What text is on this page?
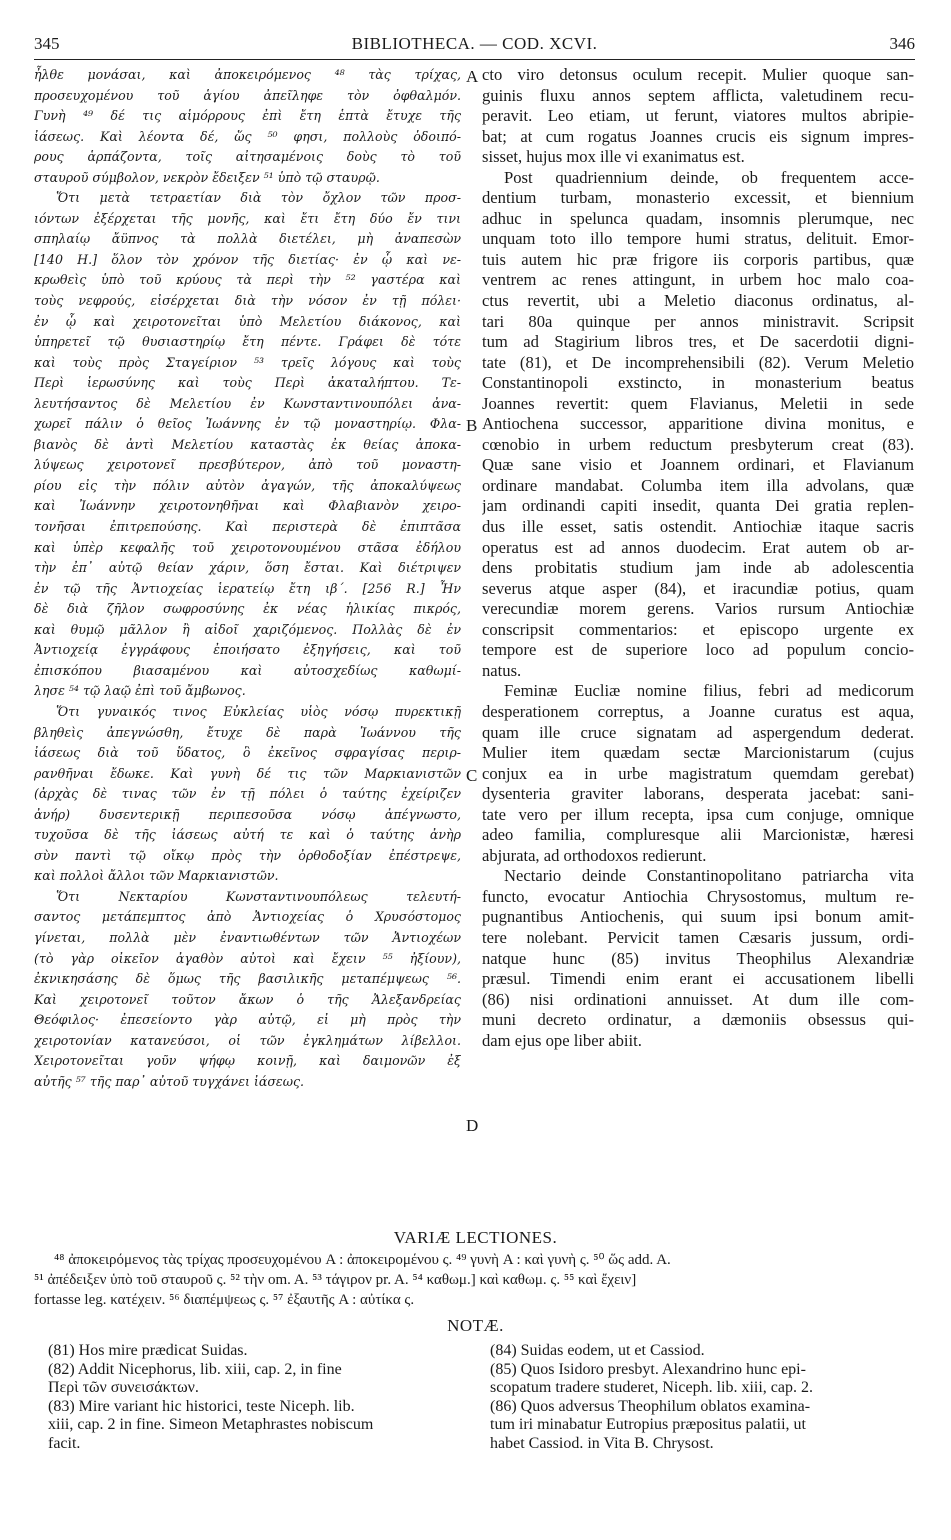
345	BIBLIOTHECA. — COD. XCVI.	346
ἦλθε μονάσαι, καὶ ἀποκειρόμενος ⁴⁸ τὰς τρίχας,
προσευχομένου τοῦ ἁγίου ἀπεῖληφε τὸν ὀφθαλμόν.
Γυνὴ ⁴⁹ δέ τις αἱμόρρους ἐπὶ ἔτη ἑπτὰ ἔτυχε τῆς
ἰάσεως. Καὶ λέοντα δέ, ὥς ⁵⁰ φησι, πολλοὺς ὁδοιπό-
ρους ἁρπάζοντα, τοῖς αἰτησαμένοις δοὺς τὸ τοῦ
σταυροῦ σύμβολον, νεκρὸν ἔδειξεν ⁵¹ ὑπὸ τῷ σταυρῷ.
Ὅτι μετὰ τετραετίαν διὰ τὸν ὄχλον τῶν προσ-
ιόντων ἐξέρχεται τῆς μονῆς, καὶ ἔτι ἔτη δύο ἔν τινι
σπηλαίῳ ἄϋπνος τὰ πολλὰ διετέλει, μὴ ἀναπεσὼν
[140 Η.] ὅλον τὸν χρόνον τῆς διετίας· ἐν ᾧ καὶ νε-
κρωθεὶς ὑπὸ τοῦ κρύους τὰ περὶ τὴν ⁵² γαστέρα καὶ
τοὺς νεφρούς, εἰσέρχεται διὰ τὴν νόσον ἐν τῇ πόλει·
ἐν ᾧ καὶ χειροτονεῖται ὑπὸ Μελετίου διάκονος, καὶ
ὑπηρετεῖ τῷ θυσιαστηρίῳ ἔτη πέντε. Γράφει δὲ τότε
καὶ τοὺς πρὸς Σταγείριον ⁵³ τρεῖς λόγους καὶ τοὺς
Περὶ ἱερωσύνης καὶ τοὺς Περὶ ἀκαταλήπτου. Τε-
λευτήσαντος δὲ Μελετίου ἐν Κωνσταντινουπόλει ἀνα-
χωρεῖ πάλιν ὁ θεῖος Ἰωάννης ἐν τῷ μοναστηρίῳ. Φλα-
βιανὸς δὲ ἀντὶ Μελετίου καταστὰς ἐκ θείας ἀποκα-
λύψεως χειροτονεῖ πρεσβύτερον, ἀπὸ τοῦ μοναστη-
ρίου εἰς τὴν πόλιν αὐτὸν ἀγαγών, τῆς ἀποκαλύψεως
καὶ Ἰωάννην χειροτονηθῆναι καὶ Φλαβιανὸν χειρο-
τονῆσαι ἐπιτρεπούσης. Καὶ περιστερὰ δὲ ἐπιπτᾶσα
καὶ ὑπὲρ κεφαλῆς τοῦ χειροτονουμένου στᾶσα ἐδήλου
τὴν ἐπ᾽ αὐτῷ θείαν χάριν, ὅση ἔσται. Καὶ διέτριψεν
ἐν τῷ τῆς Ἀντιοχείας ἱερατείῳ ἔτη ιβ´. [256 R.] Ἦν
δὲ διὰ ζῆλον σωφροσύνης ἐκ νέας ἡλικίας πικρός,
καὶ θυμῷ μᾶλλον ἢ αἰδοῖ χαριζόμενος. Πολλὰς δὲ ἐν
Ἀντιοχείᾳ ἐγγράφους ἐποιήσατο ἐξηγήσεις, καὶ τοῦ
ἐπισκόπου βιασαμένου καὶ αὐτοσχεδίως καθωμί-
λησε ⁵⁴ τῷ λαῷ ἐπὶ τοῦ ἄμβωνος.
Ὅτι γυναικός τινος Εὐκλείας υἱὸς νόσῳ πυρεκτικῇ
βληθεὶς ἀπεγνώσθη, ἔτυχε δὲ παρὰ Ἰωάννου τῆς
ἰάσεως διὰ τοῦ ὕδατος, ὃ ἐκεῖνος σφραγίσας περιρ-
ρανθῆναι ἔδωκε. Καὶ γυνὴ δέ τις τῶν Μαρκιανιστῶν
(ἀρχὰς δὲ τινας τῶν ἐν τῇ πόλει ὁ ταύτης ἐχείριζεν
ἀνήρ) δυσεντερικῇ περιπεσοῦσα νόσῳ ἀπέγνωστο,
τυχοῦσα δὲ τῆς ἰάσεως αὐτή τε καὶ ὁ ταύτης ἀνὴρ
σὺν παντὶ τῷ οἴκῳ πρὸς τὴν ὀρθοδοξίαν ἐπέστρεψε,
καὶ πολλοὶ ἄλλοι τῶν Μαρκιανιστῶν.
Ὅτι Νεκταρίου Κωνσταντινουπόλεως τελευτή-
σαντος μετάπεμπτος ἀπὸ Ἀντιοχείας ὁ Χρυσόστομος
γίνεται, πολλὰ μὲν ἐναντιωθέντων τῶν Ἀντιοχέων
(τὸ γὰρ οἰκεῖον ἀγαθὸν αὐτοὶ καὶ ἔχειν ⁵⁵ ἠξίουν),
ἐκνικησάσης δὲ ὅμως τῆς βασιλικῆς μεταπέμψεως ⁵⁶.
Καὶ χειροτονεῖ τοῦτον ἄκων ὁ τῆς Ἀλεξανδρείας
Θεόφιλος· ἐπεσείοντο γὰρ αὐτῷ, εἰ μὴ πρὸς τὴν
χειροτονίαν κατανεύσοι, οἱ τῶν ἐγκλημάτων λίβελλοι.
Χειροτονεῖται γοῦν ψήφῳ κοινῇ, καὶ δαιμονῶν ἐξ
αὐτῆς ⁵⁷ τῆς παρ᾽ αὐτοῦ τυγχάνει ἰάσεως.
cto viro detonsus oculum recepit. Mulier quoque san-
guinis fluxu annos septem afflicta, valetudinem recu-
peravit. Leo etiam, ut ferunt, viatores multos abripie-
bat; at cum rogatus Joannes crucis eis signum impres-
sisset, hujus mox ille vi exanimatus est.
Post quadriennium deinde, ob frequentem acce-
dentium turbam, monasterio excessit, et biennium
adhuc in spelunca quadam, insomnis plerumque, nec
unquam toto illo tempore humi stratus, delituit. Emor-
tuis autem hic præ frigore iis corporis partibus, quæ
ventrem ac renes attingunt, in urbem hoc malo coa-
ctus revertit, ubi a Meletio diaconus ordinatus, al-
tari 80a quinque per annos ministravit. Scripsit
tum ad Stagirium libros tres, et De sacerdotii digni-
tate (81), et De incomprehensibili (82). Verum Meletio
Constantinopoli exstincto, in monasterium beatus
Joannes revertit: quem Flavianus, Meletii in sede
Antiochena successor, apparitione divina monitus, e
cœnobio in urbem reductum presbyterum creat (83).
Quæ sane visio et Joannem ordinari, et Flavianum
ordinare mandabat. Columba item illa advolans, quæ
jam ordinandi capiti insedit, quanta Dei gratia replen-
dus ille esset, satis ostendit. Antiochiæ itaque sacris
operatus est ad annos duodecim. Erat autem ob ar-
dens probitatis studium jam inde ab adolescentia
severus atque asper (84), et iracundiæ potius, quam
verecundiæ morem gerens. Varios rursum Antiochiæ
conscripsit commentarios: et episcopo urgente ex
tempore est de superiore loco ad populum concio-
natus.
Feminæ Eucliæ nomine filius, febri ad medicorum
desperationem correptus, a Joanne curatus est aqua,
quam ille cruce signatam ad aspergendum dederat.
Mulier item quædam sectæ Marcionistarum (cujus
conjux ea in urbe magistratum quemdam gerebat)
dysenteria graviter laborans, desperata jacebat: sani-
tate vero per illum recepta, ipsa cum conjuge, omnique
adeo familia, compluresque alii Marcionistæ, hæresi
abjurata, ad orthodoxos redierunt.
Nectario deinde Constantinopolitano patriarcha vita
functo, evocatur Antiochia Chrysostomus, multum re-
pugnantibus Antiochenis, qui suum ipsi bonum amit-
tere nolebant. Pervicit tamen Cæsaris jussum, ordi-
natque hunc (85) invitus Theophilus Alexandriæ
præsul. Timendi enim erant ei accusationem libelli
(86) nisi ordinationi annuisset. At dum ille com-
muni decreto ordinatur, a dæmoniis obsessus qui-
dam ejus ope liber abiit.
A
B
C
D
VARIÆ LECTIONES.
⁴⁸ ἀποκειρόμενος τὰς τρίχας προσευχομένου A : ἀποκειρομένου ς. ⁴⁹ γυνὴ A : καὶ γυνὴ ς. ⁵⁰ ὥς add. A.
⁵¹ ἀπέδειξεν ὑπὸ τοῦ σταυροῦ ς. ⁵² τὴν om. A. ⁵³ τάγιρον pr. A. ⁵⁴ καθωμ.] καὶ καθωμ. ς. ⁵⁵ καὶ ἔχειν]
fortasse leg. κατέχειν. ⁵⁶ διαπέμψεως ς. ⁵⁷ ἐξαυτῆς A : αὐτίκα ς.
NOTÆ.
(81) Hos mire prædicat Suidas.
(82) Addit Nicephorus, lib. xiii, cap. 2, in fine
Περὶ τῶν συνεισάκτων.
(83) Mire variant hic historici, teste Niceph. lib.
xiii, cap. 2 in fine. Simeon Metaphrastes nobiscum
facit.
(84) Suidas eodem, ut et Cassiod.
(85) Quos Isidoro presbyt. Alexandrino hunc epi-
scopatum tradere studeret, Niceph. lib. xiii, cap. 2.
(86) Quos adversus Theophilum oblatos examina-
tum iri minabatur Eutropius præpositus palatii, ut
habet Cassiod. in Vita B. Chrysost.
